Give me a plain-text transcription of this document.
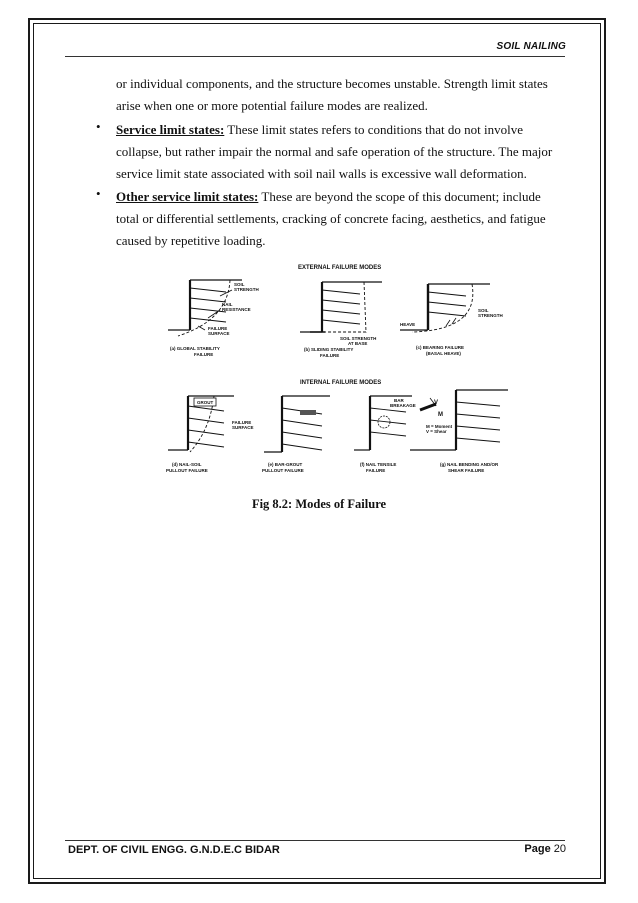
SOIL NAILING
or individual components, and the structure becomes unstable. Strength limit states
arise when one or more potential failure modes are realized.
• Service limit states: These limit states refers to conditions that do not involve
collapse, but rather impair the normal and safe operation of the structure. The major
service limit state associated with soil nail walls is excessive wall deformation.
• Other service limit states: These are beyond the scope of this document; include
total or differential settlements, cracking of concrete facing, aesthetics, and fatigue
caused by repetitive loading.
EXTERNAL FAILURE MODES
INTERNAL FAILURE MODES
SOIL
STRENGTH
NAIL
RESISTANCE
FAILURE
SURFACE
(a) GLOBAL STABILITY
FAILURE
SOIL STRENGTH
AT BASE
(b) SLIDING STABILITY
FAILURE
HEAVE
SOIL
STRENGTH
(c) BEARING FAILURE
(BASAL HEAVE)
GROUT
FAILURE
SURFACE
(d) NAIL-SOIL
PULLOUT FAILURE
(e) BAR-GROUT
PULLOUT FAILURE
BAR
BREAKAGE
(f) NAIL TENSILE
FAILURE
V
M
M = Moment
V = Shear
(g) NAIL BENDING AND/OR
SHEAR FAILURE
Fig 8.2: Modes of Failure
DEPT. OF CIVIL ENGG. G.N.D.E.C BIDAR	Page 20
